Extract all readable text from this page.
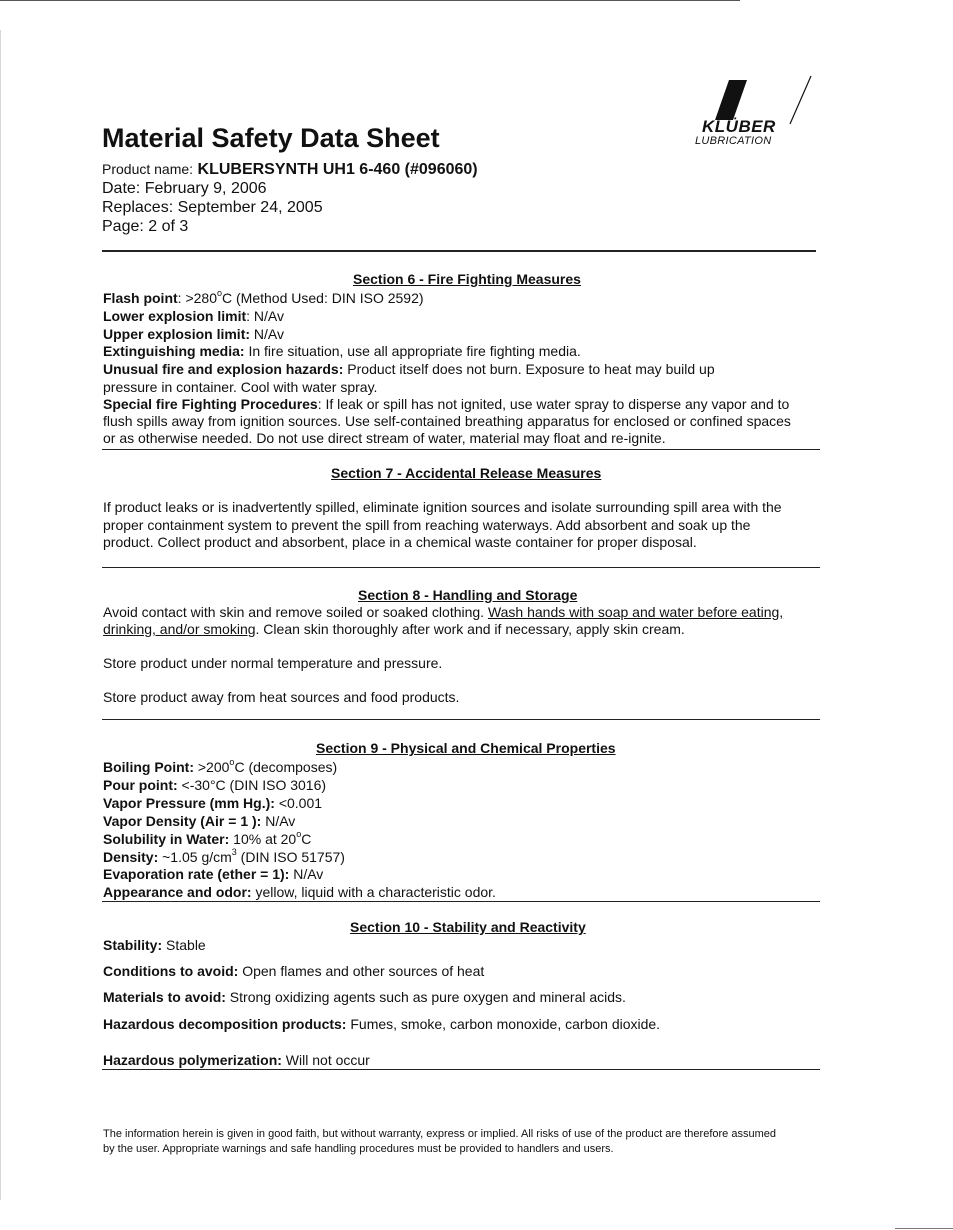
KLÜBER
LUBRICATION
Material Safety Data Sheet
Product name: KLUBERSYNTH UH1 6-460 (#096060)
Date: February 9, 2006
Replaces: September 24, 2005
Page: 2 of 3
Section 6 - Fire Fighting Measures
Flash point: $>280^oC$ (Method Used: DIN ISO 2592)
Lower explosion limit: N/Av
Upper explosion limit: N/Av
Extinguishing media: In fire situation, use all appropriate fire fighting media.
Unusual fire and explosion hazards: Product itself does not burn. Exposure to heat may build up
pressure in container. Cool with water spray.
Special fire Fighting Procedures: If leak or spill has not ignited, use water spray to disperse any vapor and to
flush spills away from ignition sources. Use self-contained breathing apparatus for enclosed or confined spaces
or as otherwise needed. Do not use direct stream of water, material may float and re-ignite.
Section 7 - Accidental Release Measures
If product leaks or is inadvertently spilled, eliminate ignition sources and isolate surrounding spill area with the
proper containment system to prevent the spill from reaching waterways. Add absorbent and soak up the
product. Collect product and absorbent, place in a chemical waste container for proper disposal.
Section 8 - Handling and Storage
Avoid contact with skin and remove soiled or soaked clothing. Wash hands with soap and water before eating,
drinking, and/or smoking. Clean skin thoroughly after work and if necessary, apply skin cream.
Store product under normal temperature and pressure.
Store product away from heat sources and food products.
Section 9 - Physical and Chemical Properties
Boiling Point: $>200^oC$ (decomposes)
Pour point: <-30°C (DIN ISO 3016)
Vapor Pressure (mm Hg.): <0.001
Vapor Density (Air = 1 ): N/Av
Solubility in Water: 10% at 20$^o$C
Density: ~1.05 $g/cm^3$ (DIN ISO 51757)
Evaporation rate (ether = 1): N/Av
Appearance and odor: yellow, liquid with a characteristic odor.
Section 10 - Stability and Reactivity
Stability: Stable
Conditions to avoid: Open flames and other sources of heat
Materials to avoid: Strong oxidizing agents such as pure oxygen and mineral acids.
Hazardous decomposition products: Fumes, smoke, carbon monoxide, carbon dioxide.
Hazardous polymerization: Will not occur
The information herein is given in good faith, but without warranty, express or implied. All risks of use of the product are therefore assumed
by the user. Appropriate warnings and safe handling procedures must be provided to handlers and users.
